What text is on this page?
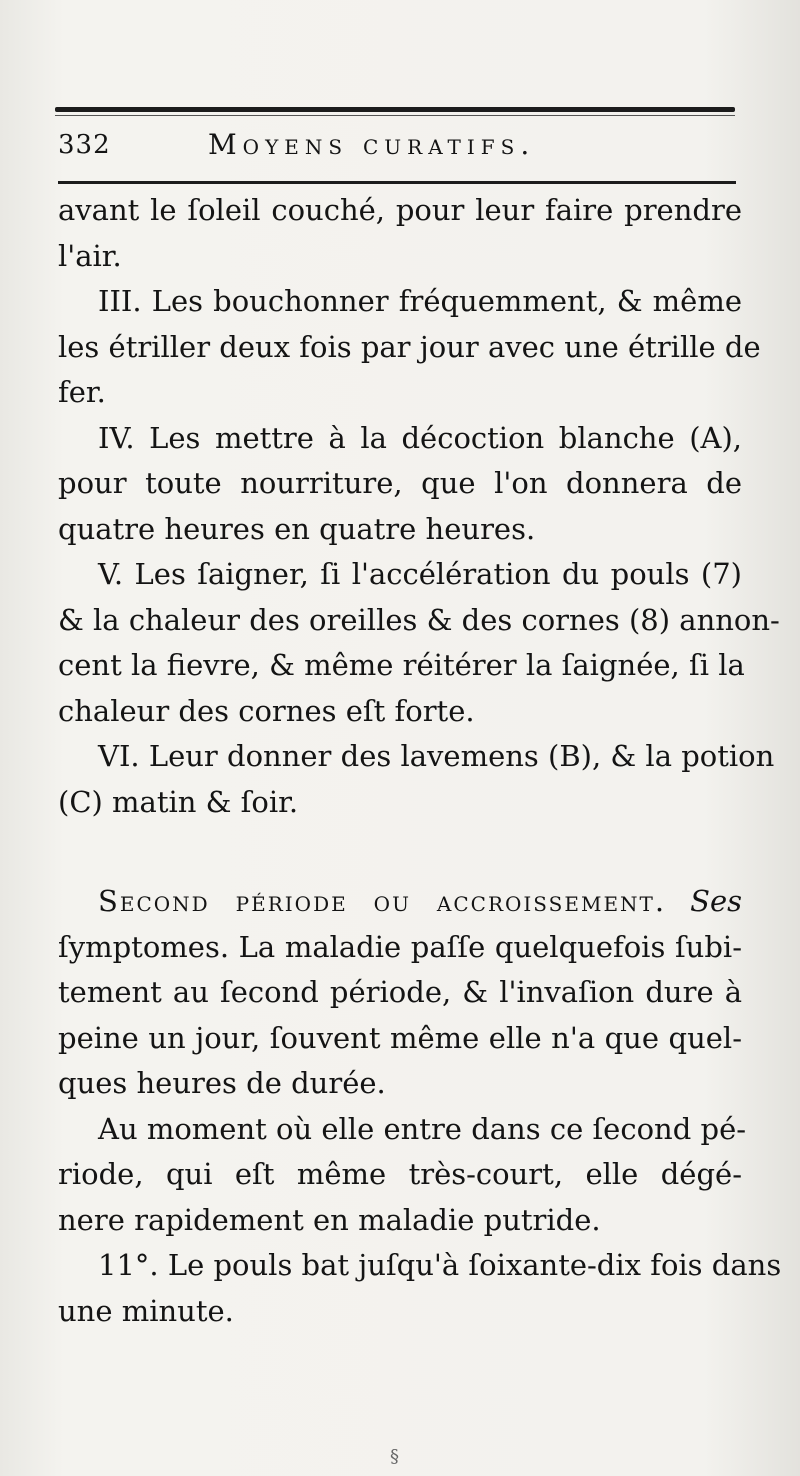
332	Moyens curatifs.
avant le ſoleil couché, pour leur faire prendre
l'air.
III. Les bouchonner fréquemment, & même
les étriller deux fois par jour avec une étrille de
fer.
IV. Les mettre à la décoction blanche (A),
pour toute nourriture, que l'on donnera de
quatre heures en quatre heures.
V. Les ſaigner, ſi l'accélération du pouls (7)
& la chaleur des oreilles & des cornes (8) annon-
cent la fievre, & même réitérer la ſaignée, ſi la
chaleur des cornes eſt forte.
VI. Leur donner des lavemens (B), & la potion
(C) matin & ſoir.
Second période ou accroissement. Ses
ſymptomes. La maladie paſſe quelquefois ſubi-
tement au ſecond période, & l'invaſion dure à
peine un jour, ſouvent même elle n'a que quel-
ques heures de durée.
Au moment où elle entre dans ce ſecond pé-
riode, qui eſt même très-court, elle dégé-
nere rapidement en maladie putride.
11°. Le pouls bat juſqu'à ſoixante-dix fois dans
une minute.
§
